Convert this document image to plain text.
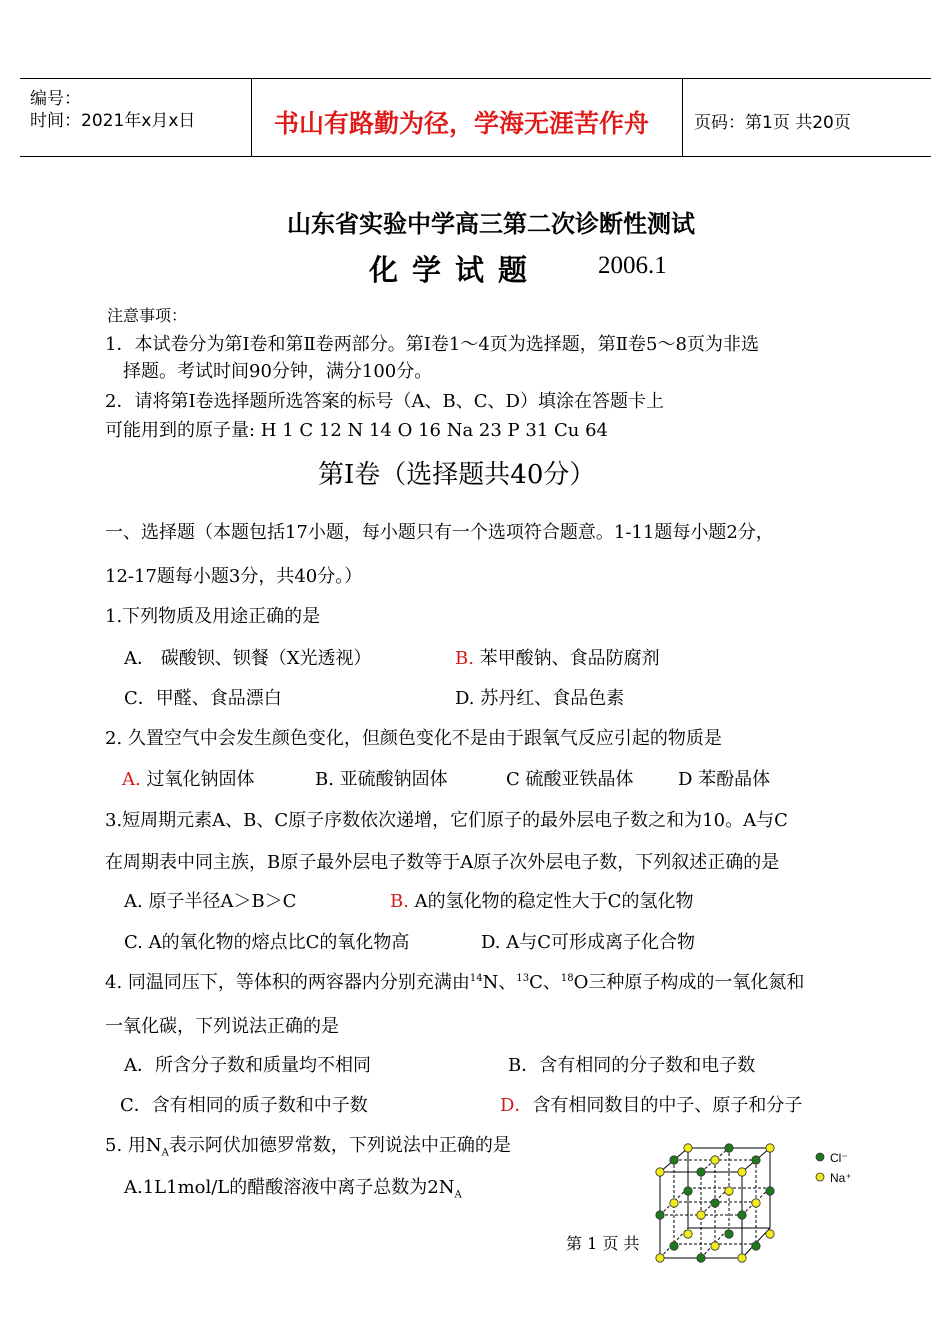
编号：
时间：2021年x月x日	书山有路勤为径，学海无涯苦作舟	页码：第1页 共20页
山东省实验中学高三第二次诊断性测试
化学试题 2006.1
注意事项：
1．本试卷分为第Ⅰ卷和第Ⅱ卷两部分。第Ⅰ卷1～4页为选择题，第Ⅱ卷5～8页为非选
择题。考试时间90分钟，满分100分。
2．请将第Ⅰ卷选择题所选答案的标号（A、B、C、D）填涂在答题卡上
可能用到的原子量: H 1 C 12 N 14 O 16 Na 23 P 31 Cu 64
第Ⅰ卷（选择题共40分）
一、选择题（本题包括17小题，每小题只有一个选项符合题意。1-11题每小题2分，
12-17题每小题3分，共40分。）
1.下列物质及用途正确的是
A． 碳酸钡、钡餐（X光透视）	B. 苯甲酸钠、食品防腐剂
C．甲醛、食品漂白	D. 苏丹红、食品色素
2. 久置空气中会发生颜色变化，但颜色变化不是由于跟氧气反应引起的物质是
A. 过氧化钠固体	B. 亚硫酸钠固体	C 硫酸亚铁晶体 D 苯酚晶体
3.短周期元素A、B、C原子序数依次递增，它们原子的最外层电子数之和为10。A与C
在周期表中同主族，B原子最外层电子数等于A原子次外层电子数，下列叙述正确的是
A. 原子半径A＞B＞C	B. A的氢化物的稳定性大于C的氢化物
C. A的氧化物的熔点比C的氧化物高	D. A与C可形成离子化合物
4. 同温同压下，等体积的两容器内分别充满由$^{14}$N、$^{13}$C、$^{18}$O三种原子构成的一氧化氮和
一氧化碳，下列说法正确的是
A．所含分子数和质量均不相同	B．含有相同的分子数和电子数
C．含有相同的质子数和中子数	D．含有相同数目的中子、原子和分子
5. 用$N_A$表示阿伏加德罗常数，下列说法中正确的是
A.1L1mol/L的醋酸溶液中离子总数为$2N_A$
第 1 页 共
Cl⁻
Na⁺
